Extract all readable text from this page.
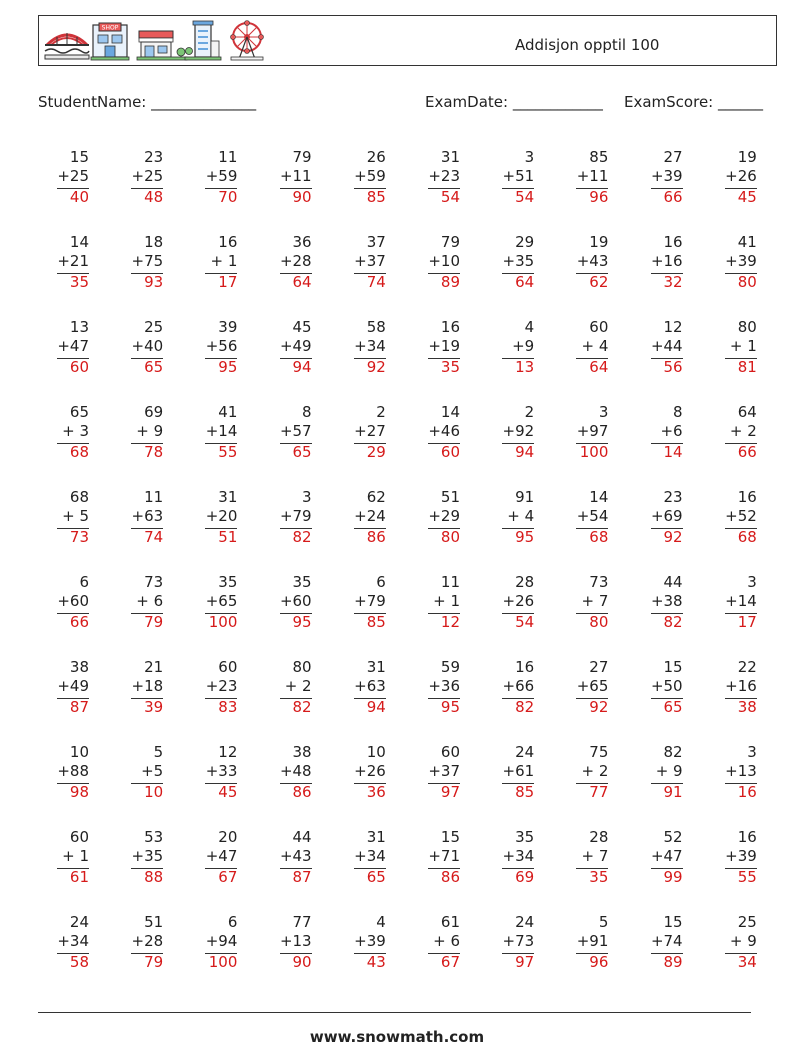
SHOP
Addisjon opptil 100
StudentName: ______________	ExamDate: ____________ ExamScore: ______
15
+25
40
23
+25
48
11
+59
70
79
+11
90
26
+59
85
31
+23
54
3
+51
54
85
+11
96
27
+39
66
19
+26
45
14
+21
35
18
+75
93
16
+ 1
17
36
+28
64
37
+37
74
79
+10
89
29
+35
64
19
+43
62
16
+16
32
41
+39
80
13
+47
60
25
+40
65
39
+56
95
45
+49
94
58
+34
92
16
+19
35
4
+9
13
60
+ 4
64
12
+44
56
80
+ 1
81
65
+ 3
68
69
+ 9
78
41
+14
55
8
+57
65
2
+27
29
14
+46
60
2
+92
94
3
+97
100
8
+6
14
64
+ 2
66
68
+ 5
73
11
+63
74
31
+20
51
3
+79
82
62
+24
86
51
+29
80
91
+ 4
95
14
+54
68
23
+69
92
16
+52
68
6
+60
66
73
+ 6
79
35
+65
100
35
+60
95
6
+79
85
11
+ 1
12
28
+26
54
73
+ 7
80
44
+38
82
3
+14
17
38
+49
87
21
+18
39
60
+23
83
80
+ 2
82
31
+63
94
59
+36
95
16
+66
82
27
+65
92
15
+50
65
22
+16
38
10
+88
98
5
+5
10
12
+33
45
38
+48
86
10
+26
36
60
+37
97
24
+61
85
75
+ 2
77
82
+ 9
91
3
+13
16
60
+ 1
61
53
+35
88
20
+47
67
44
+43
87
31
+34
65
15
+71
86
35
+34
69
28
+ 7
35
52
+47
99
16
+39
55
24
+34
58
51
+28
79
6
+94
100
77
+13
90
4
+39
43
61
+ 6
67
24
+73
97
5
+91
96
15
+74
89
25
+ 9
34
www.snowmath.com
